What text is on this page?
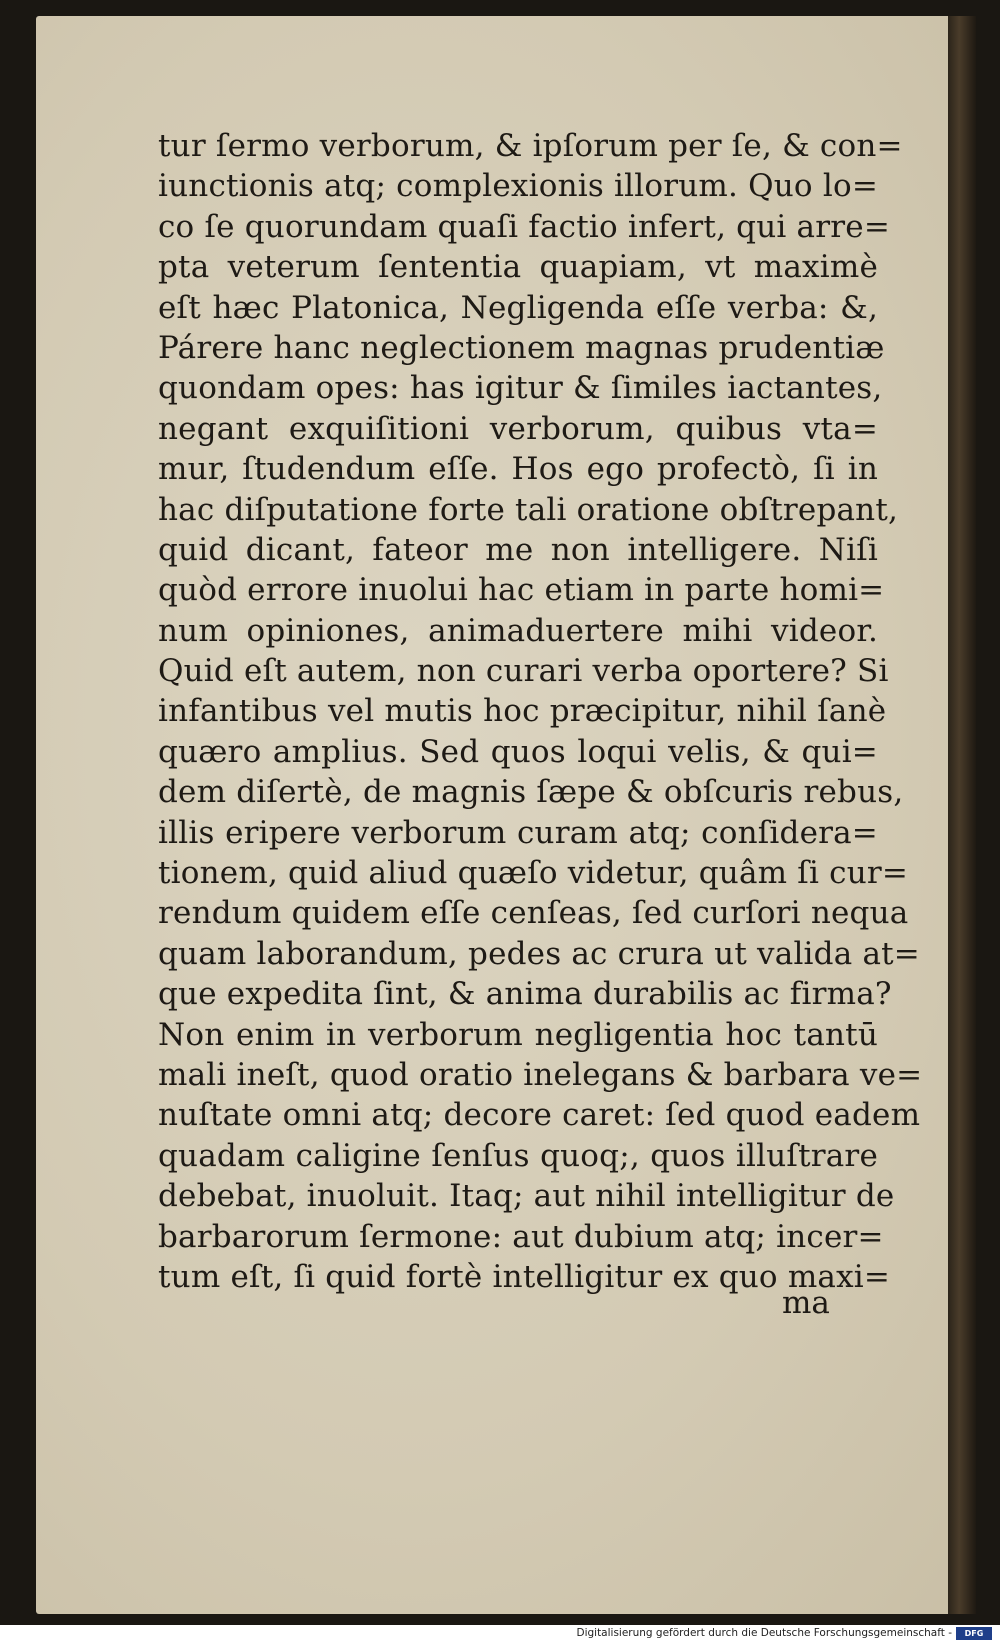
tur ſermo verborum, & ipſorum per ſe, & con=
iunctionis atq; complexionis illorum. Quo lo=
co ſe quorundam quaſi factio infert, qui arre=
pta veterum ſententia quapiam, vt maximè
eſt hæc Platonica, Negligenda eſſe verba: &,
Párere hanc neglectionem magnas prudentiæ
quondam opes: has igitur & ſimiles iactantes,
negant exquiſitioni verborum, quibus vta=
mur, ſtudendum eſſe. Hos ego profectò, ſi in
hac diſputatione forte tali oratione obſtrepant,
quid dicant, fateor me non intelligere. Niſi
quòd errore inuolui hac etiam in parte homi=
num opiniones, animaduertere mihi videor.
Quid eſt autem, non curari verba oportere? Si
infantibus vel mutis hoc præcipitur, nihil ſanè
quæro amplius. Sed quos loqui velis, & qui=
dem diſertè, de magnis ſæpe & obſcuris rebus,
illis eripere verborum curam atq; conſidera=
tionem, quid aliud quæſo videtur, quâm ſi cur=
rendum quidem eſſe cenſeas, ſed curſori nequa
quam laborandum, pedes ac crura ut valida at=
que expedita ſint, & anima durabilis ac firma?
Non enim in verborum negligentia hoc tantū
mali ineſt, quod oratio inelegans & barbara ve=
nuſtate omni atq; decore caret: ſed quod eadem
quadam caligine ſenſus quoq;, quos illuſtrare
debebat, inuoluit. Itaq; aut nihil intelligitur de
barbarorum ſermone: aut dubium atq; incer=
tum eſt, ſi quid fortè intelligitur ex quo maxi=
ma
Digitalisierung gefördert durch die Deutsche Forschungsgemeinschaft -	DFG
